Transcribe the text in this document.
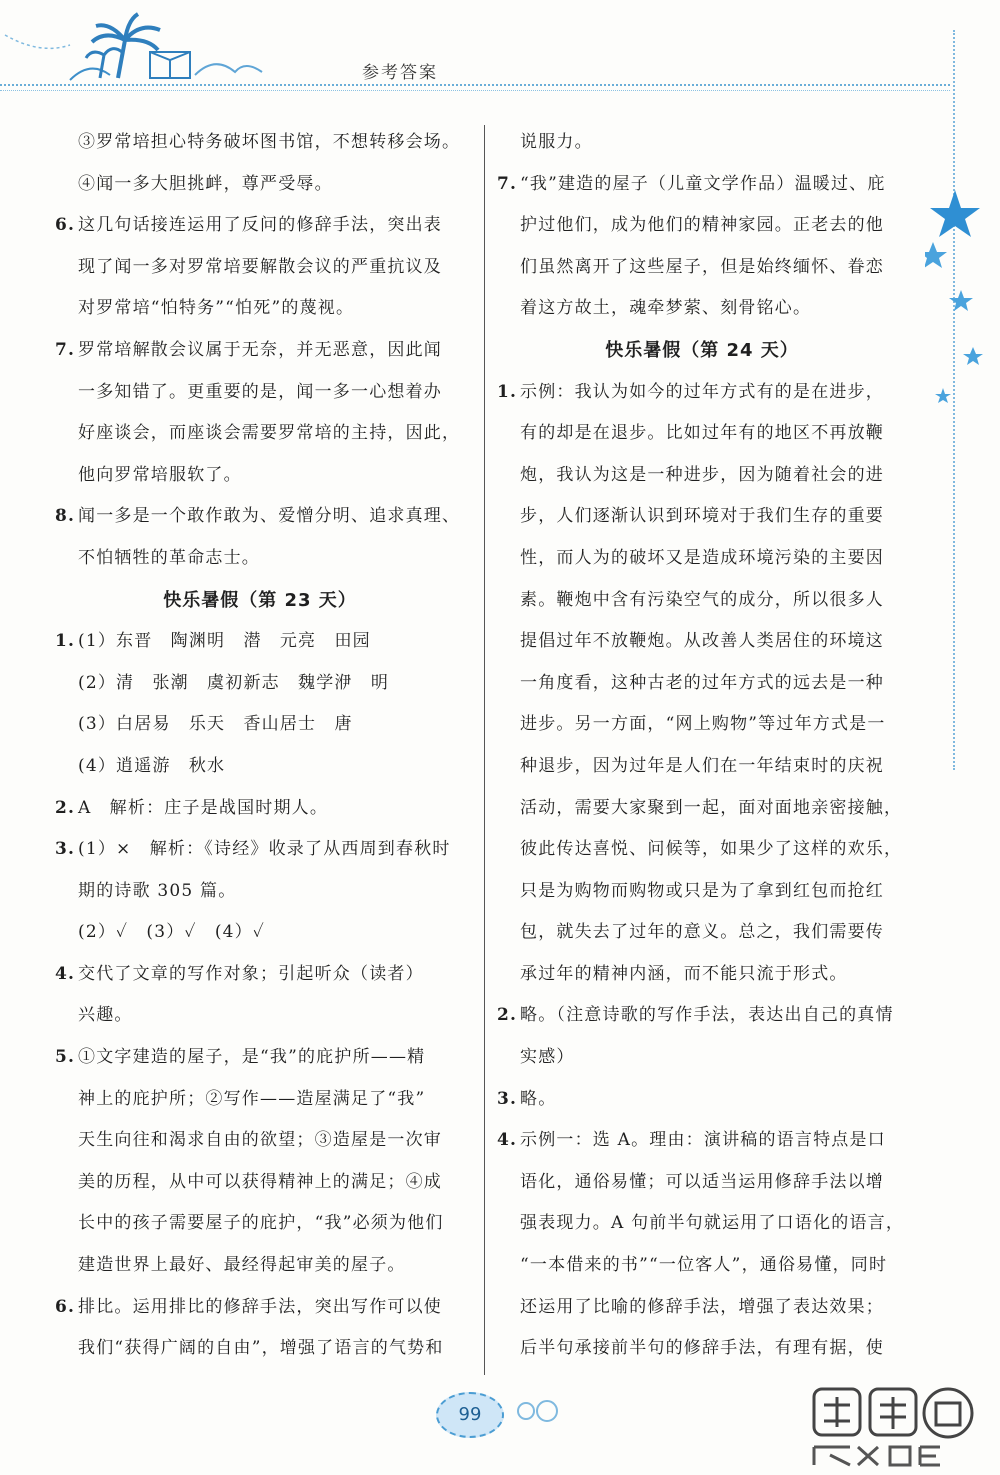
参考答案
③罗常培担心特务破坏图书馆，不想转移会场。
④闻一多大胆挑衅，尊严受辱。
6. 这几句话接连运用了反问的修辞手法，突出表
现了闻一多对罗常培要解散会议的严重抗议及
对罗常培“怕特务”“怕死”的蔑视。
7. 罗常培解散会议属于无奈，并无恶意，因此闻
一多知错了。更重要的是，闻一多一心想着办
好座谈会，而座谈会需要罗常培的主持，因此，
他向罗常培服软了。
8. 闻一多是一个敢作敢为、爱憎分明、追求真理、
不怕牺牲的革命志士。
快乐暑假（第 23 天）
1. (1）东晋　陶渊明　潜　元亮　田园
(2）清　张潮　虞初新志　魏学洢　明
(3）白居易　乐天　香山居士　唐
(4）逍遥游　秋水
2. A　解析：庄子是战国时期人。
3. (1）×　解析：《诗经》收录了从西周到春秋时
期的诗歌 305 篇。
(2）✓　(3）✓　(4）✓
4. 交代了文章的写作对象；引起听众（读者）
兴趣。
5. ①文字建造的屋子，是“我”的庇护所——精
神上的庇护所；②写作——造屋满足了“我”
天生向往和渴求自由的欲望；③造屋是一次审
美的历程，从中可以获得精神上的满足；④成
长中的孩子需要屋子的庇护，“我”必须为他们
建造世界上最好、最经得起审美的屋子。
6. 排比。运用排比的修辞手法，突出写作可以使
我们“获得广阔的自由”，增强了语言的气势和
说服力。
7. “我”建造的屋子（儿童文学作品）温暖过、庇
护过他们，成为他们的精神家园。正老去的他
们虽然离开了这些屋子，但是始终缅怀、眷恋
着这方故土，魂牵梦萦、刻骨铭心。
快乐暑假（第 24 天）
1. 示例：我认为如今的过年方式有的是在进步，
有的却是在退步。比如过年有的地区不再放鞭
炮，我认为这是一种进步，因为随着社会的进
步，人们逐渐认识到环境对于我们生存的重要
性，而人为的破坏又是造成环境污染的主要因
素。鞭炮中含有污染空气的成分，所以很多人
提倡过年不放鞭炮。从改善人类居住的环境这
一角度看，这种古老的过年方式的远去是一种
进步。另一方面，“网上购物”等过年方式是一
种退步，因为过年是人们在一年结束时的庆祝
活动，需要大家聚到一起，面对面地亲密接触，
彼此传达喜悦、问候等，如果少了这样的欢乐，
只是为购物而购物或只是为了拿到红包而抢红
包，就失去了过年的意义。总之，我们需要传
承过年的精神内涵，而不能只流于形式。
2. 略。（注意诗歌的写作手法，表达出自己的真情
实感）
3. 略。
4. 示例一：选 A。理由：演讲稿的语言特点是口
语化，通俗易懂；可以适当运用修辞手法以增
强表现力。A 句前半句就运用了口语化的语言，
“一本借来的书”“一位客人”，通俗易懂，同时
还运用了比喻的修辞手法，增强了表达效果；
后半句承接前半句的修辞手法，有理有据，使
99
